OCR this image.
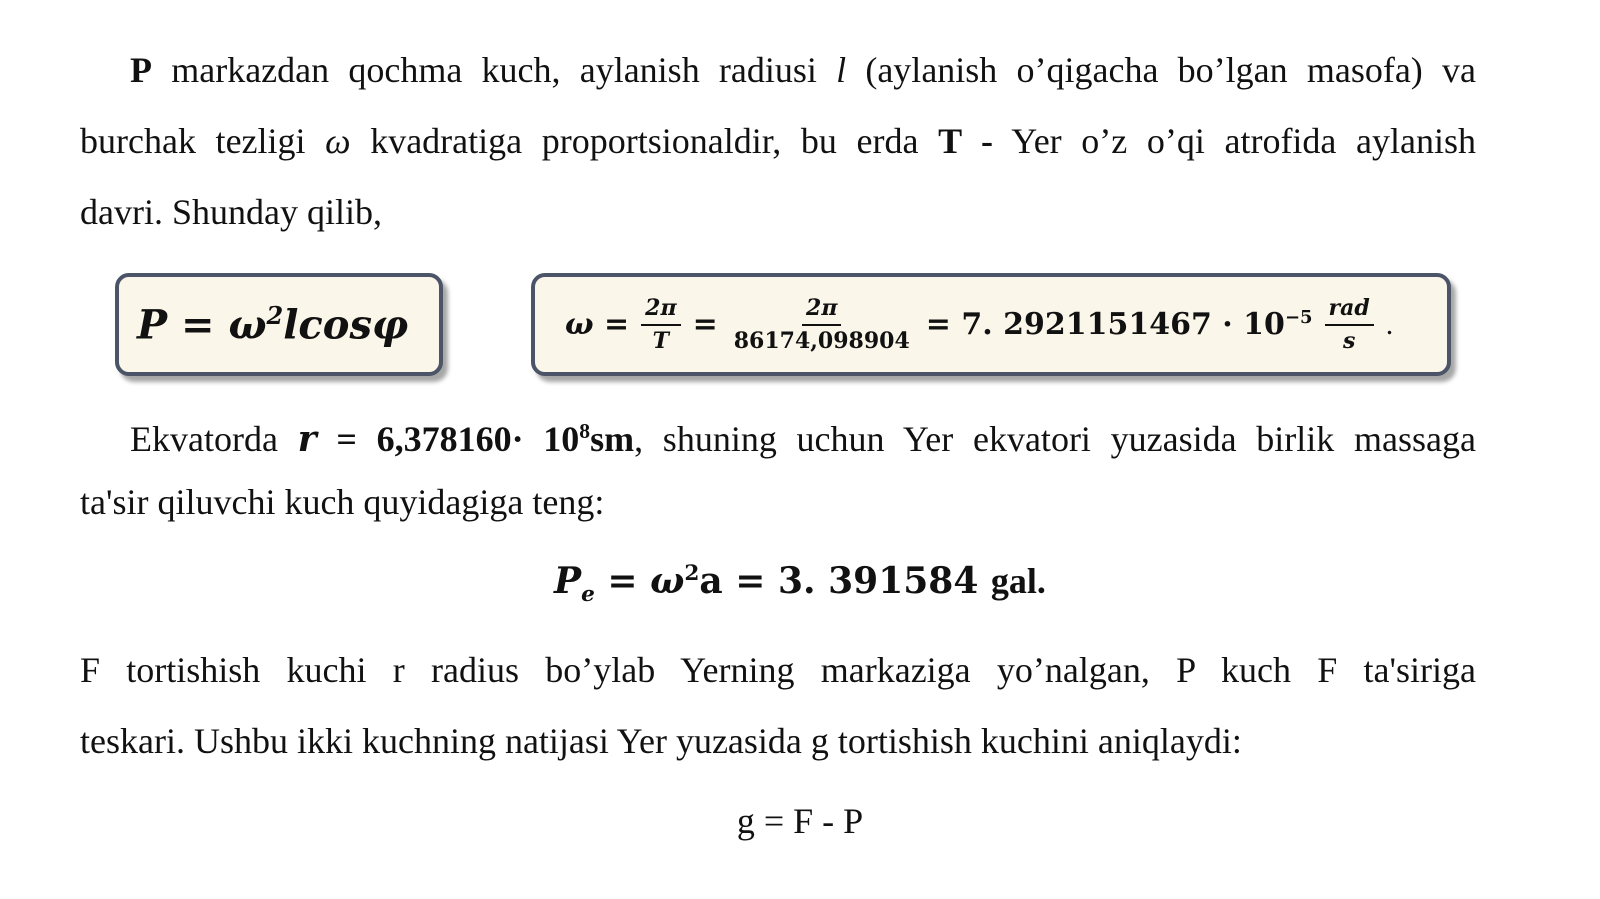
P markazdan qochma kuch, aylanish radiusi l (aylanish o’qigacha bo’lgan masofa) va
burchak tezligi ω kvadratiga proportsionaldir, bu erda T - Yer o’z o’qi atrofida aylanish
davri. Shunday qilib,
$P = \omega^2lcos\varphi$	$\omega = \frac{2\pi}{T} = \frac{2\pi}{86174,098904} = 7$. $2921151467 \cdot 10^{-5} \frac{\text{rad}}{s}$ .
Ekvatorda $r = 6,378160\cdot 10^8sm$, shuning uchun Yer ekvatori yuzasida birlik massaga
ta'sir qiluvchi kuch quyidagiga teng:
$P_e = \omega^2a = 3$. 391584 gal.
F tortishish kuchi r radius bo’ylab Yerning markaziga yo’nalgan, P kuch F ta'siriga
teskari. Ushbu ikki kuchning natijasi Yer yuzasida g tortishish kuchini aniqlaydi:
g = F - P
